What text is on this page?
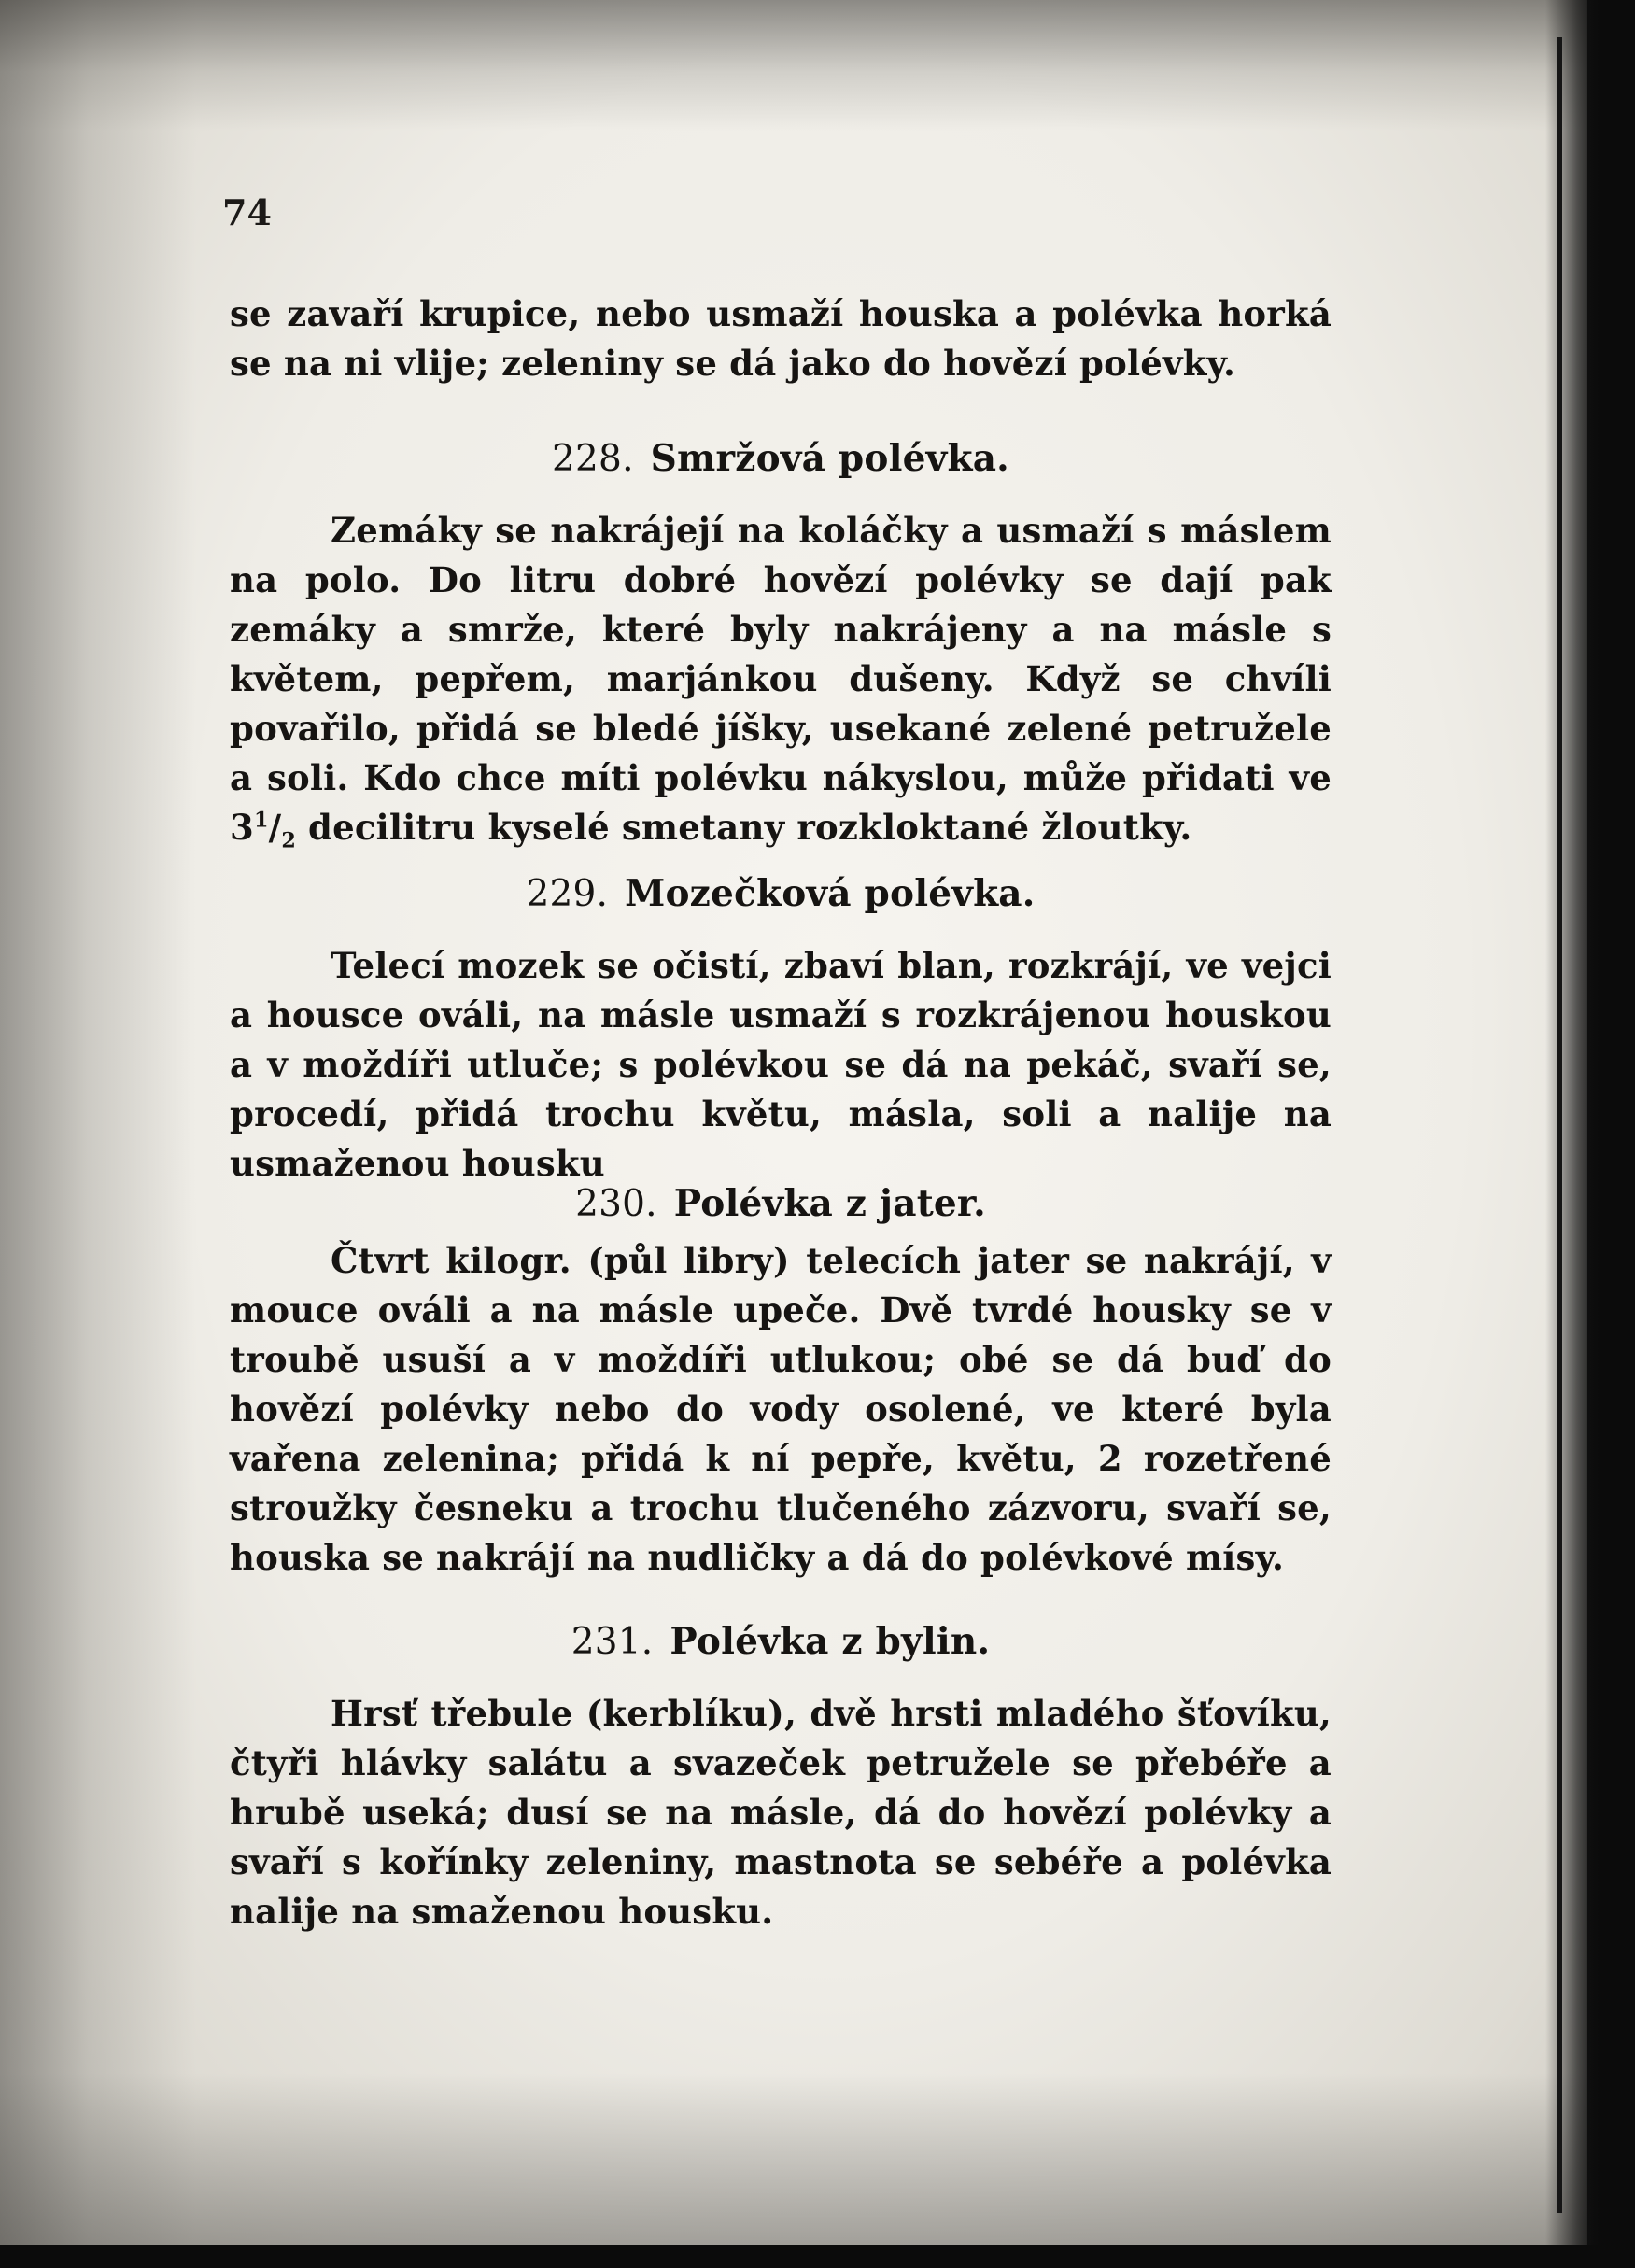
74

se zavaří krupice, nebo usmaží houska a polévka horká se na ni vlije; zeleniny se dá jako do hovězí polévky.

228. Smržová polévka.

Zemáky se nakrájejí na koláčky a usmaží s máslem na polo. Do litru dobré hovězí polévky se dají pak zemáky a smrže, které byly nakrájeny a na másle s květem, pepřem, marjánkou dušeny. Když se chvíli povařilo, přidá se bledé jíšky, usekané zelené petružele a soli. Kdo chce míti polévku nákyslou, může přidati ve $3^1/_2$ decilitru kyselé smetany rozkloktané žloutky.

229. Mozečková polévka.

Telecí mozek se očistí, zbaví blan, rozkrájí, ve vejci a housce ováli, na másle usmaží s rozkrájenou houskou a v moždíři utluče; s polévkou se dá na pekáč, svaří se, procedí, přidá trochu květu, másla, soli a nalije na usmaženou housku

230. Polévka z jater.

Čtvrt kilogr. (půl libry) telecích jater se nakrájí, v mouce ováli a na másle upeče. Dvě tvrdé housky se v troubě usuší a v moždíři utlukou; obé se dá buď do hovězí polévky nebo do vody osolené, ve které byla vařena zelenina; přidá k ní pepře, květu, 2 rozetřené stroužky česneku a trochu tlučeného zázvoru, svaří se, houska se nakrájí na nudličky a dá do polévkové mísy.

231. Polévka z bylin.

Hrsť třebule (kerblíku), dvě hrsti mladého šťovíku, čtyři hlávky salátu a svazeček petružele se přebéře a hrubě useká; dusí se na másle, dá do hovězí polévky a svaří s kořínky zeleniny, mastnota se sebéře a polévka nalije na smaženou housku.
